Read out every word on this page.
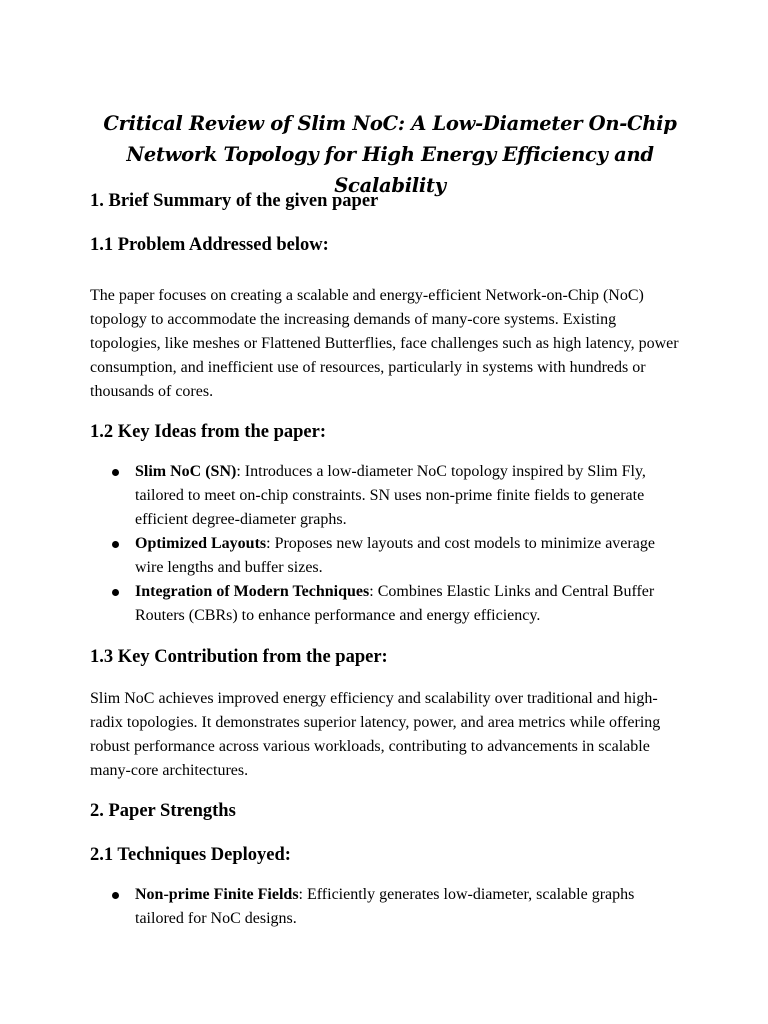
Critical Review of Slim NoC: A Low-Diameter On-Chip
Network Topology for High Energy Efficiency and Scalability
1. Brief Summary of the given paper
1.1 Problem Addressed below:

The paper focuses on creating a scalable and energy-efficient Network-on-Chip (NoC) topology to accommodate the increasing demands of many-core systems. Existing topologies, like meshes or Flattened Butterflies, face challenges such as high latency, power consumption, and inefficient use of resources, particularly in systems with hundreds or thousands of cores.

1.2 Key Ideas from the paper:
Slim NoC (SN): Introduces a low-diameter NoC topology inspired by Slim Fly, tailored to meet on-chip constraints. SN uses non-prime finite fields to generate efficient degree-diameter graphs.
Optimized Layouts: Proposes new layouts and cost models to minimize average wire lengths and buffer sizes.
Integration of Modern Techniques: Combines Elastic Links and Central Buffer Routers (CBRs) to enhance performance and energy efficiency.
1.3 Key Contribution from the paper:

Slim NoC achieves improved energy efficiency and scalability over traditional and high-radix topologies. It demonstrates superior latency, power, and area metrics while offering robust performance across various workloads, contributing to advancements in scalable many-core architectures.

2. Paper Strengths
2.1 Techniques Deployed:
Non-prime Finite Fields: Efficiently generates low-diameter, scalable graphs tailored for NoC designs.
